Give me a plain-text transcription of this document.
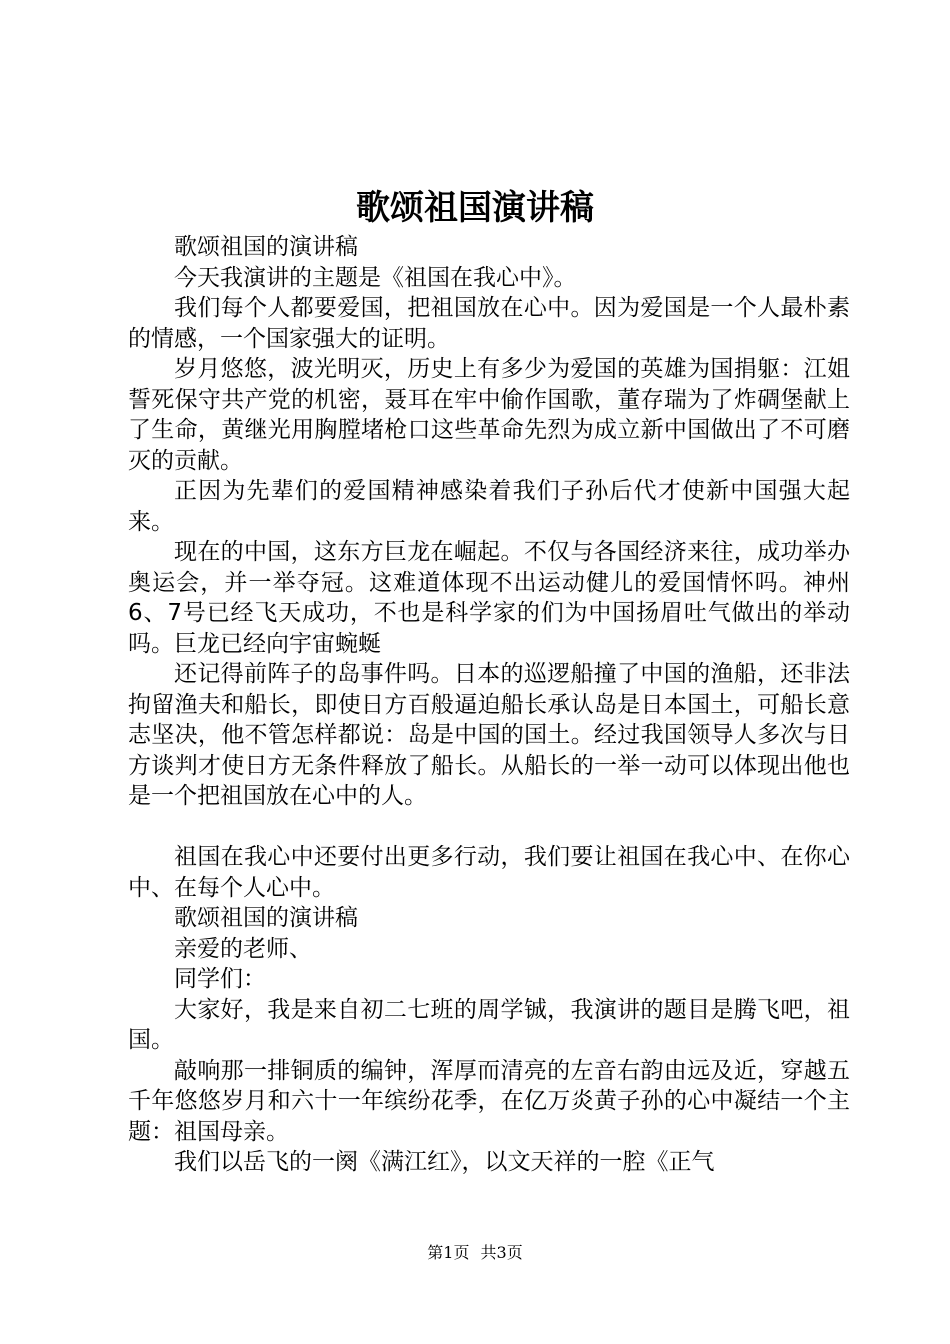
歌颂祖国演讲稿

歌颂祖国的演讲稿

今天我演讲的主题是《祖国在我心中》。

我们每个人都要爱国，把祖国放在心中。因为爱国是一个人最朴素的情感，一个国家强大的证明。

岁月悠悠，波光明灭，历史上有多少为爱国的英雄为国捐躯：江姐誓死保守共产党的机密，聂耳在牢中偷作国歌，董存瑞为了炸碉堡献上了生命，黄继光用胸膛堵枪口这些革命先烈为成立新中国做出了不可磨灭的贡献。

正因为先辈们的爱国精神感染着我们子孙后代才使新中国强大起来。

现在的中国，这东方巨龙在崛起。不仅与各国经济来往，成功举办奥运会，并一举夺冠。这难道体现不出运动健儿的爱国情怀吗。神州6、7号已经飞天成功，不也是科学家的们为中国扬眉吐气做出的举动吗。巨龙已经向宇宙蜿蜒

还记得前阵子的岛事件吗。日本的巡逻船撞了中国的渔船，还非法拘留渔夫和船长，即使日方百般逼迫船长承认岛是日本国土，可船长意志坚决，他不管怎样都说：岛是中国的国土。经过我国领导人多次与日方谈判才使日方无条件释放了船长。从船长的一举一动可以体现出他也是一个把祖国放在心中的人。

祖国在我心中还要付出更多行动，我们要让祖国在我心中、在你心中、在每个人心中。

歌颂祖国的演讲稿

亲爱的老师、

同学们：

大家好，我是来自初二七班的周学铖，我演讲的题目是腾飞吧，祖国。

敲响那一排铜质的编钟，浑厚而清亮的左音右韵由远及近，穿越五千年悠悠岁月和六十一年缤纷花季，在亿万炎黄子孙的心中凝结一个主题：祖国母亲。

我们以岳飞的一阕《满江红》，以文天祥的一腔《正气

第1页 共3页
